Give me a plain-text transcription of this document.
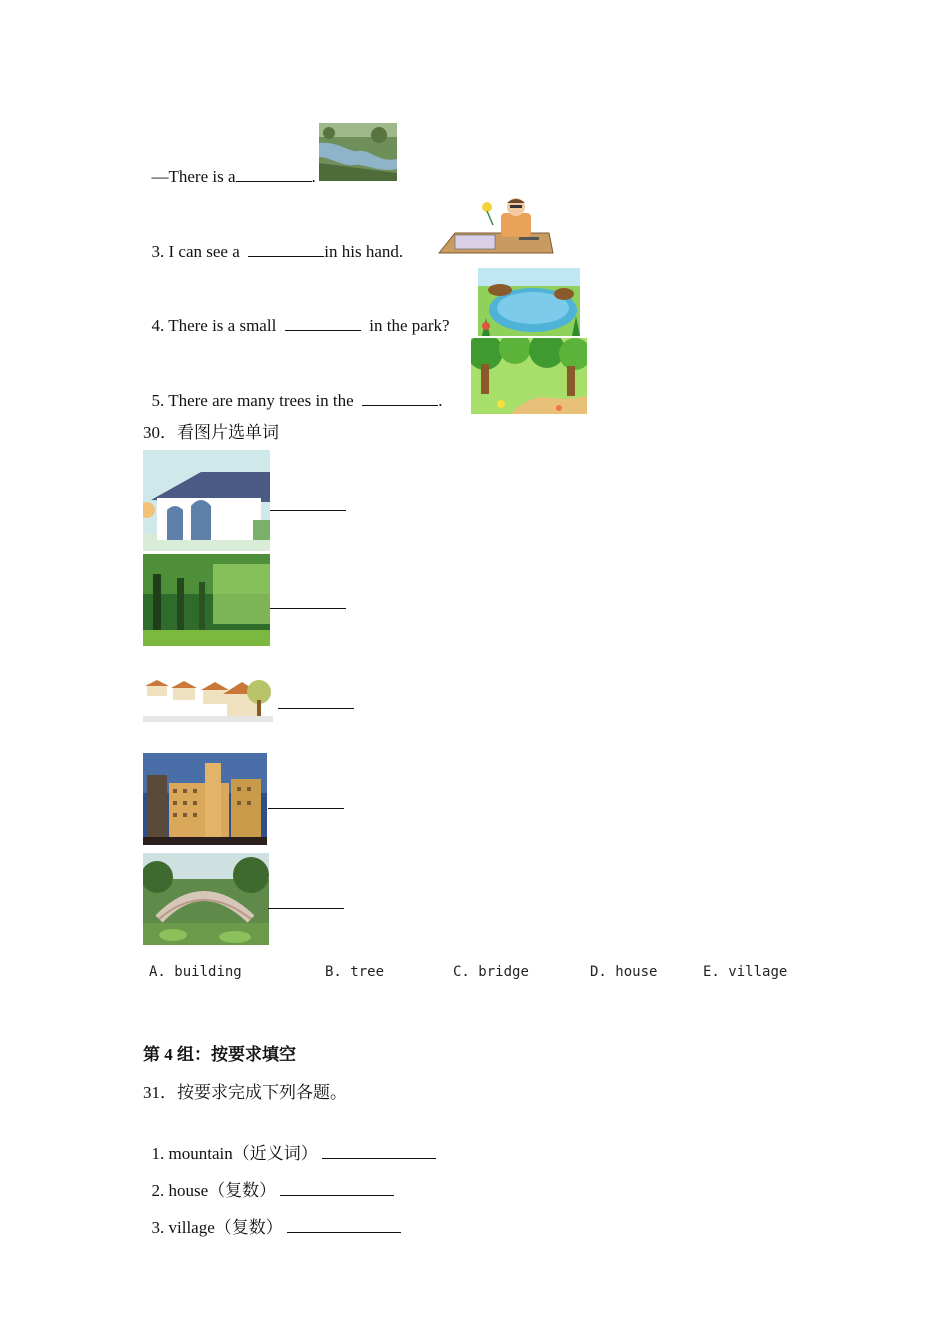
—There is a	.

3. I can see a	in his hand.

4. There is a small	in the park?

5. There are many trees in the	.

30．看图片选单词
A. building	B. tree	C. bridge	D. house	E. village
第 4 组：按要求填空
31．按要求完成下列各题。

1. mountain（近义词）

2. house（复数）

3. village（复数）
